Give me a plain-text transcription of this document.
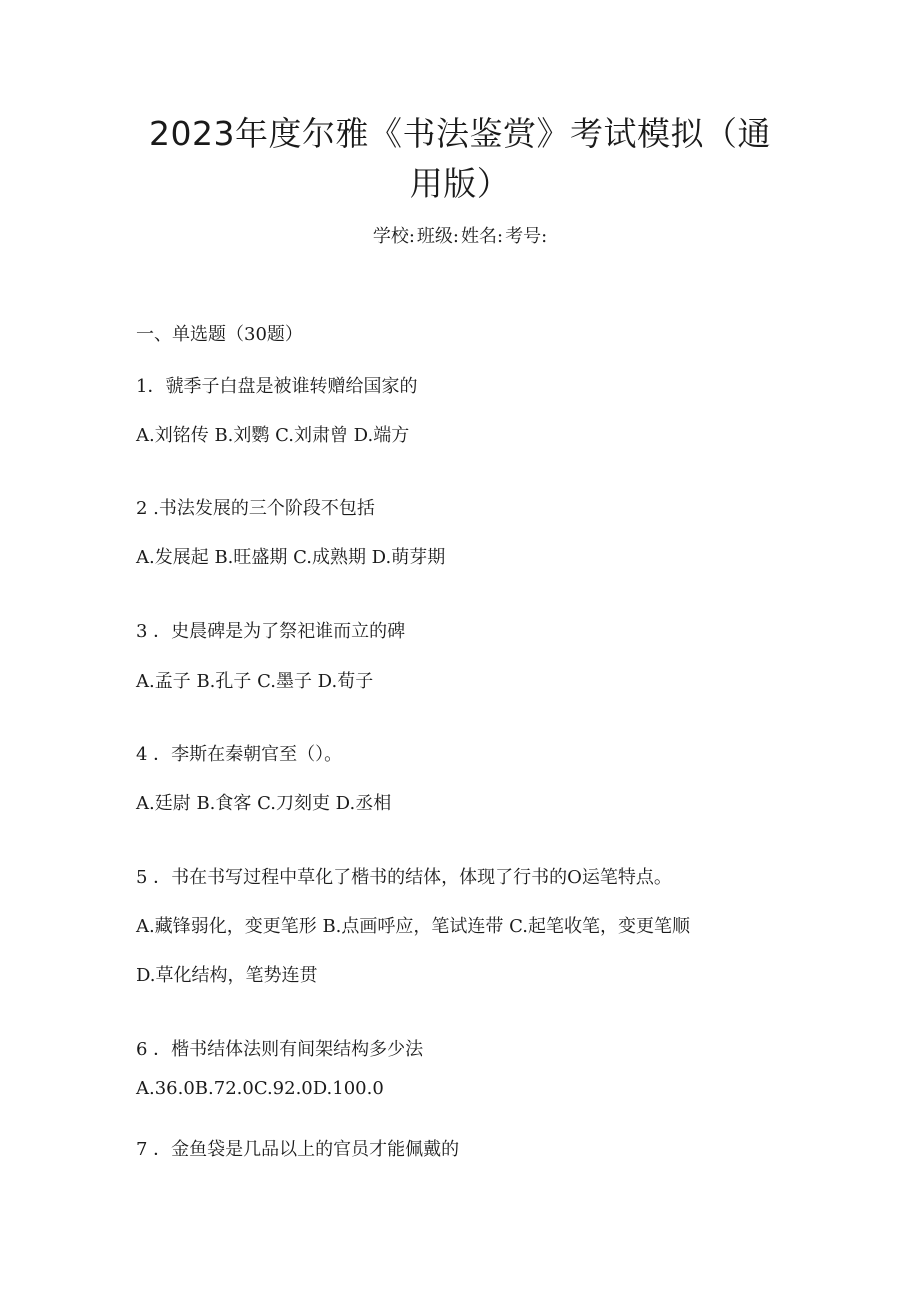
2023年度尔雅《书法鉴赏》考试模拟（通
用版）
学校: 班级: 姓名: 考号:
一、单选题（30题）
1．虢季子白盘是被谁转赠给国家的
A.刘铭传 B.刘鹦 C.刘肃曾 D.端方
2 .书法发展的三个阶段不包括
A.发展起 B.旺盛期 C.成熟期 D.萌芽期
3 ．史晨碑是为了祭祀谁而立的碑
A.孟子 B.孔子 C.墨子 D.荀子
4 ．李斯在秦朝官至（）。
A.廷尉 B.食客 C.刀刻吏 D.丞相
5 ．书在书写过程中草化了楷书的结体，体现了行书的O运笔特点。
A.藏锋弱化，变更笔形 B.点画呼应，笔试连带 C.起笔收笔，变更笔顺
D.草化结构，笔势连贯
6 ．楷书结体法则有间架结构多少法
A.36.0B.72.0C.92.0D.100.0
7 ．金鱼袋是几品以上的官员才能佩戴的
